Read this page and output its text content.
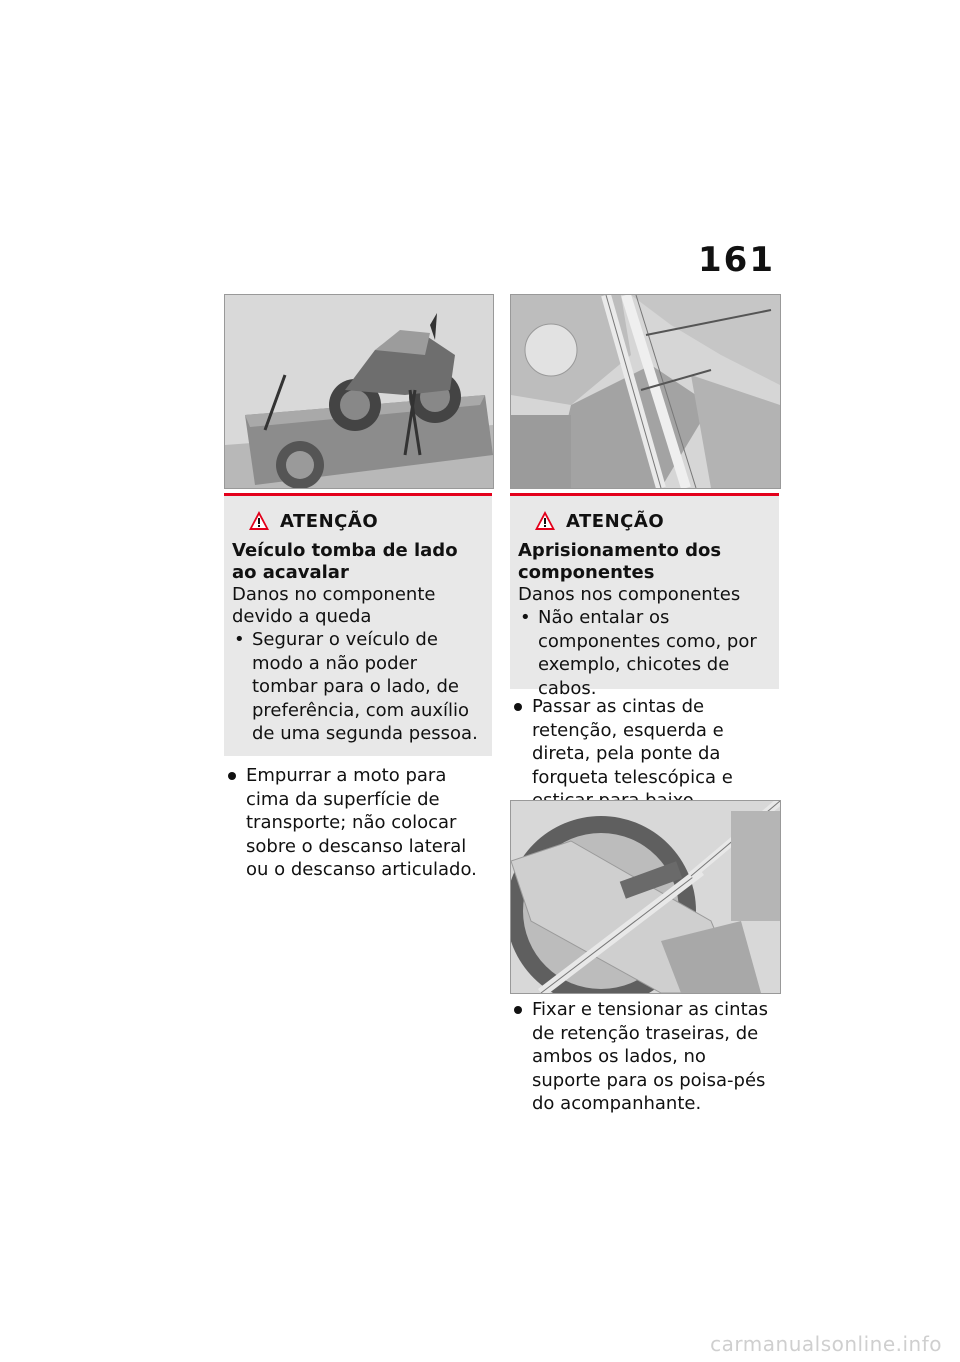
161
ATENÇÃO
Veículo tomba de lado ao acavalar
Danos no componente devido a queda
• Segurar o veículo de modo a não poder tombar para o lado, de preferência, com auxílio de uma segunda pessoa.
Empurrar a moto para cima da superfície de transporte; não colocar sobre o descanso lateral ou o descanso articulado.
ATENÇÃO
Aprisionamento dos componentes
Danos nos componentes
• Não entalar os componentes como, por exemplo, chicotes de cabos.
Passar as cintas de retenção, esquerda e direta, pela ponte da forqueta telescópica e
Fixar e tensionar as cintas de retenção traseiras, de ambos os lados, no suporte para os poisa-pés do acompanhante.
carmanualsonline.info
